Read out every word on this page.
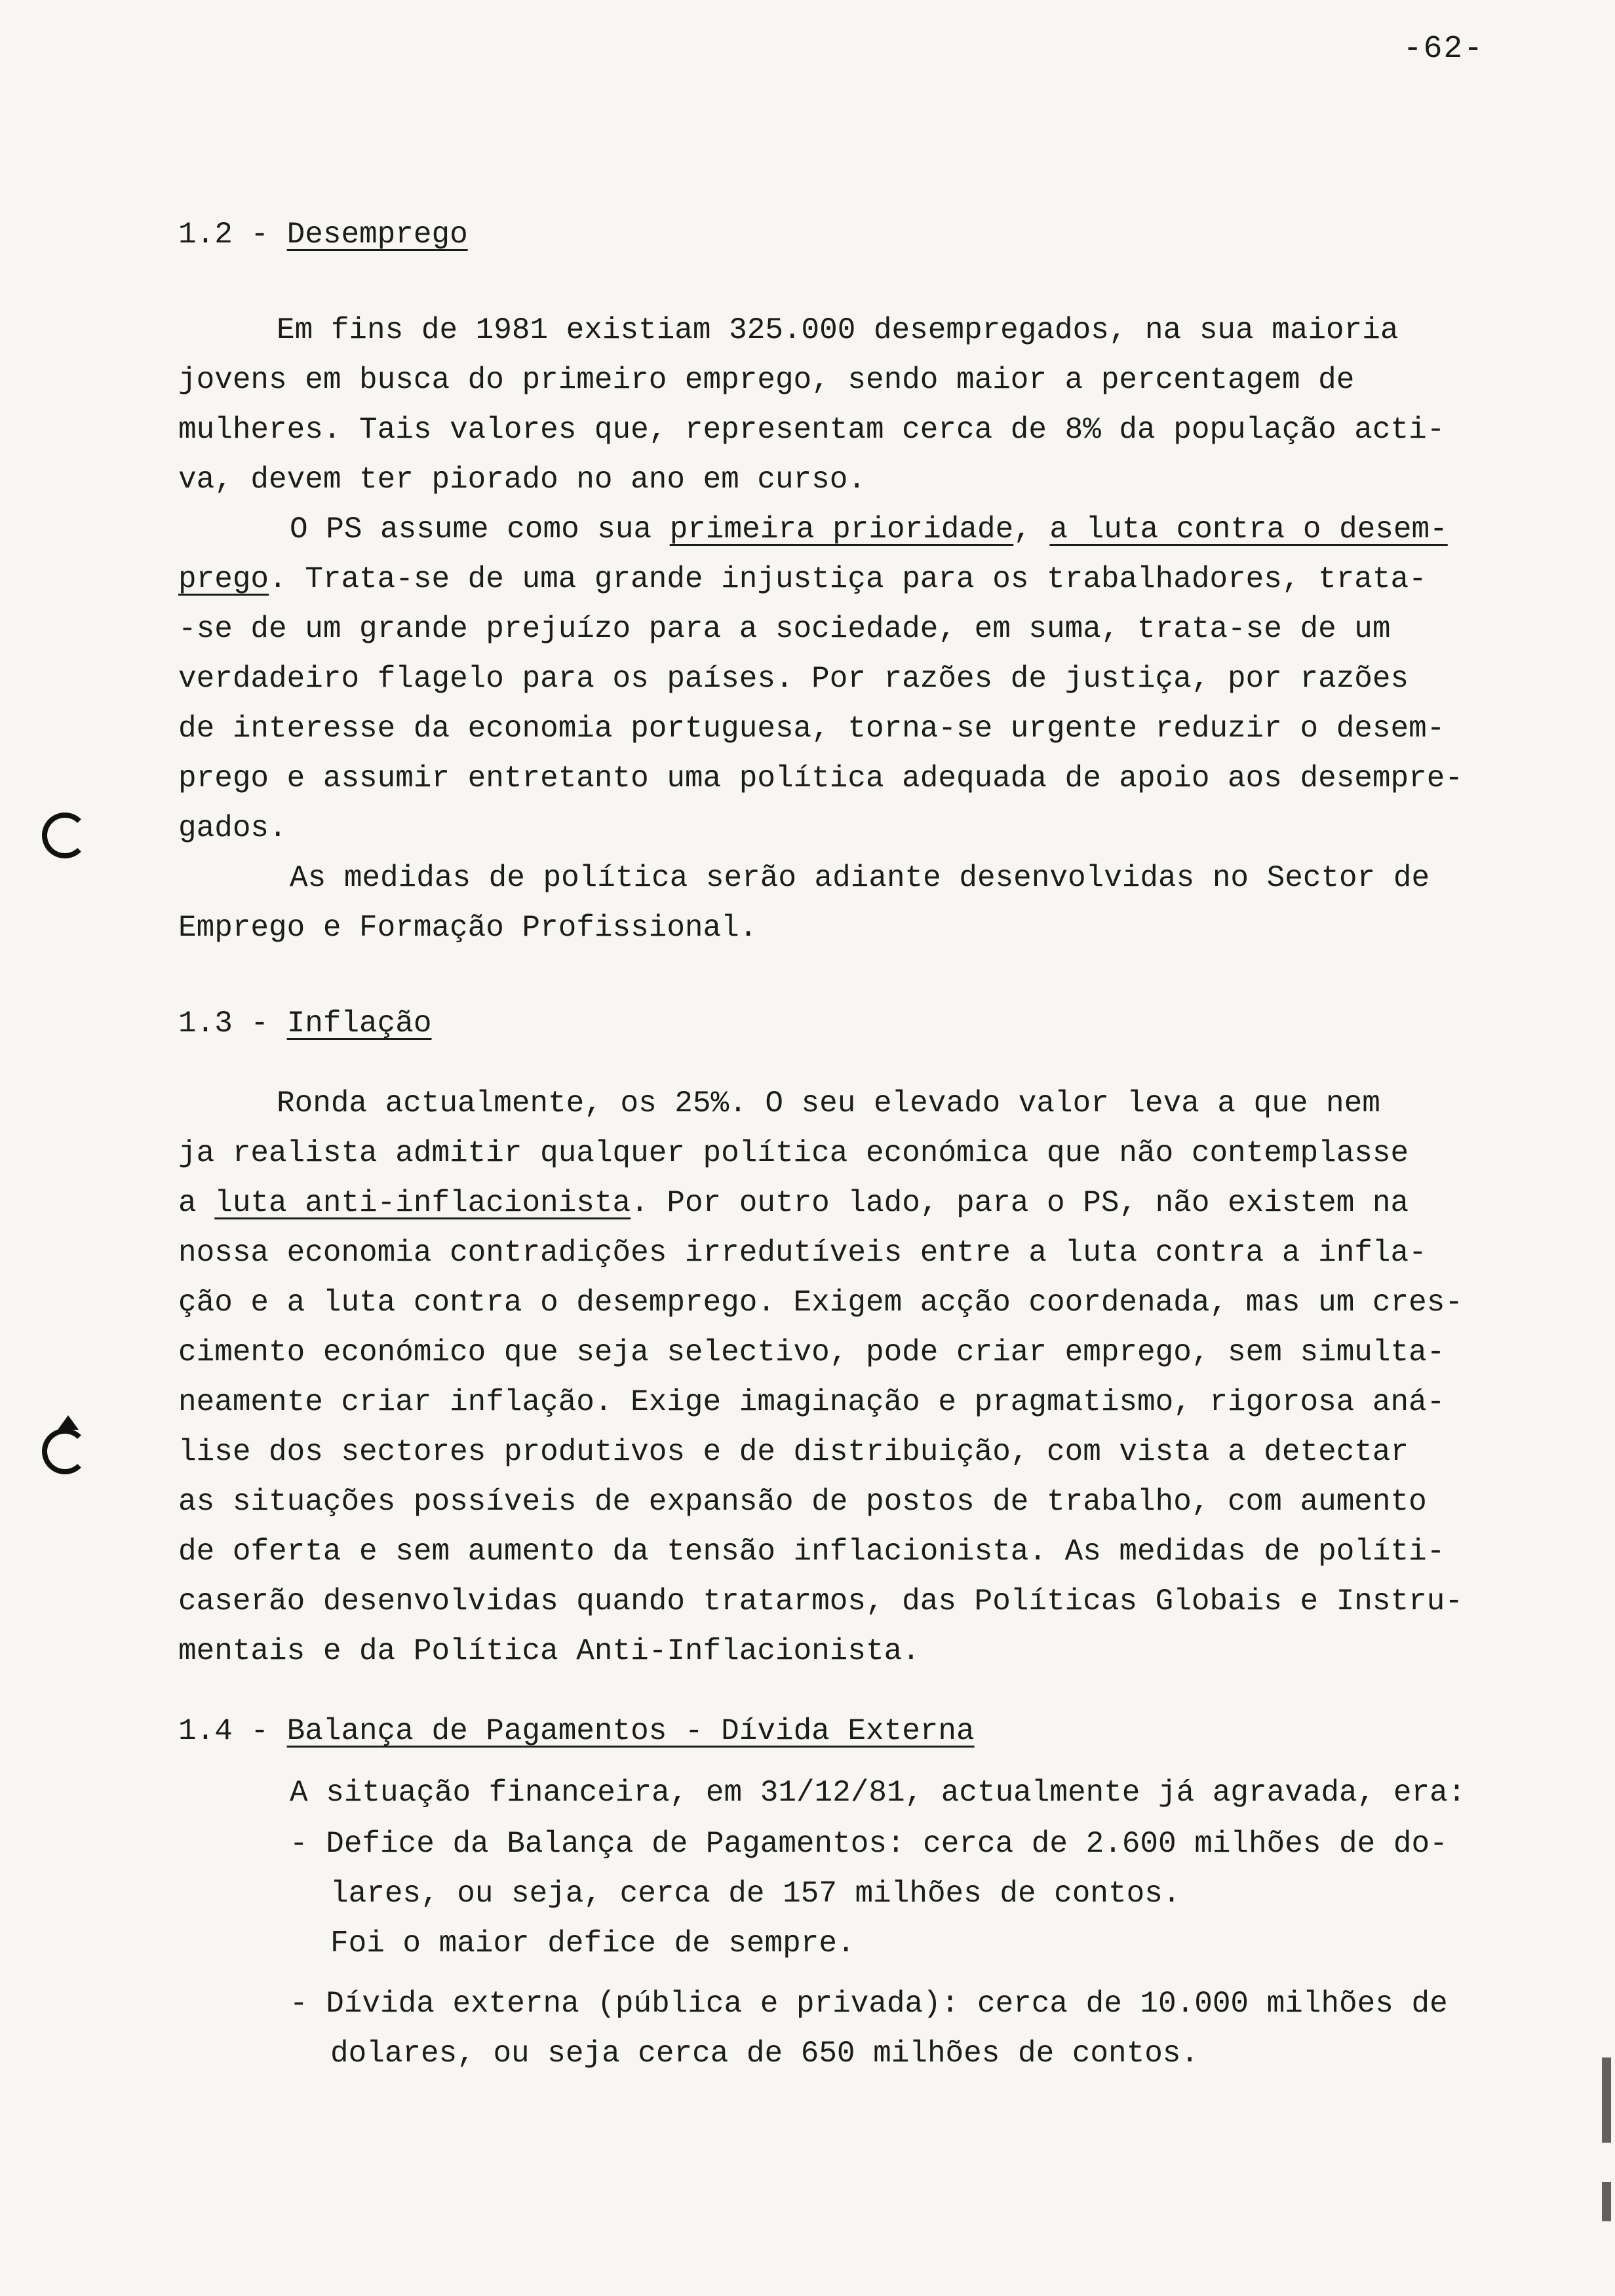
-62-
1.2 - Desemprego
Em fins de 1981 existiam 325.000 desempregados, na sua maioria
jovens em busca do primeiro emprego, sendo maior a percentagem de
mulheres. Tais valores que, representam cerca de 8% da população acti-
va, devem ter piorado no ano em curso.
O PS assume como sua primeira prioridade, a luta contra o desem-
prego. Trata-se de uma grande injustiça para os trabalhadores, trata-
-se de um grande prejuízo para a sociedade, em suma, trata-se de um
verdadeiro flagelo para os países. Por razões de justiça, por razões
de interesse da economia portuguesa, torna-se urgente reduzir o desem-
prego e assumir entretanto uma política adequada de apoio aos desempre-
gados.
As medidas de política serão adiante desenvolvidas no Sector de
Emprego e Formação Profissional.
1.3 - Inflação
Ronda actualmente, os 25%. O seu elevado valor leva a que nem
ja realista admitir qualquer política económica que não contemplasse
a luta anti-inflacionista. Por outro lado, para o PS, não existem na
nossa economia contradições irredutíveis entre a luta contra a infla-
ção e a luta contra o desemprego. Exigem acção coordenada, mas um cres-
cimento económico que seja selectivo, pode criar emprego, sem simulta-
neamente criar inflação. Exige imaginação e pragmatismo, rigorosa aná-
lise dos sectores produtivos e de distribuição, com vista a detectar
as situações possíveis de expansão de postos de trabalho, com aumento
de oferta e sem aumento da tensão inflacionista. As medidas de políti-
caserão desenvolvidas quando tratarmos, das Políticas Globais e Instru-
mentais e da Política Anti-Inflacionista.
1.4 - Balança de Pagamentos - Dívida Externa
A situação financeira, em 31/12/81, actualmente já agravada, era:
- Defice da Balança de Pagamentos: cerca de 2.600 milhões de do-
lares, ou seja, cerca de 157 milhões de contos.
Foi o maior defice de sempre.
- Dívida externa (pública e privada): cerca de 10.000 milhões de
dolares, ou seja cerca de 650 milhões de contos.
